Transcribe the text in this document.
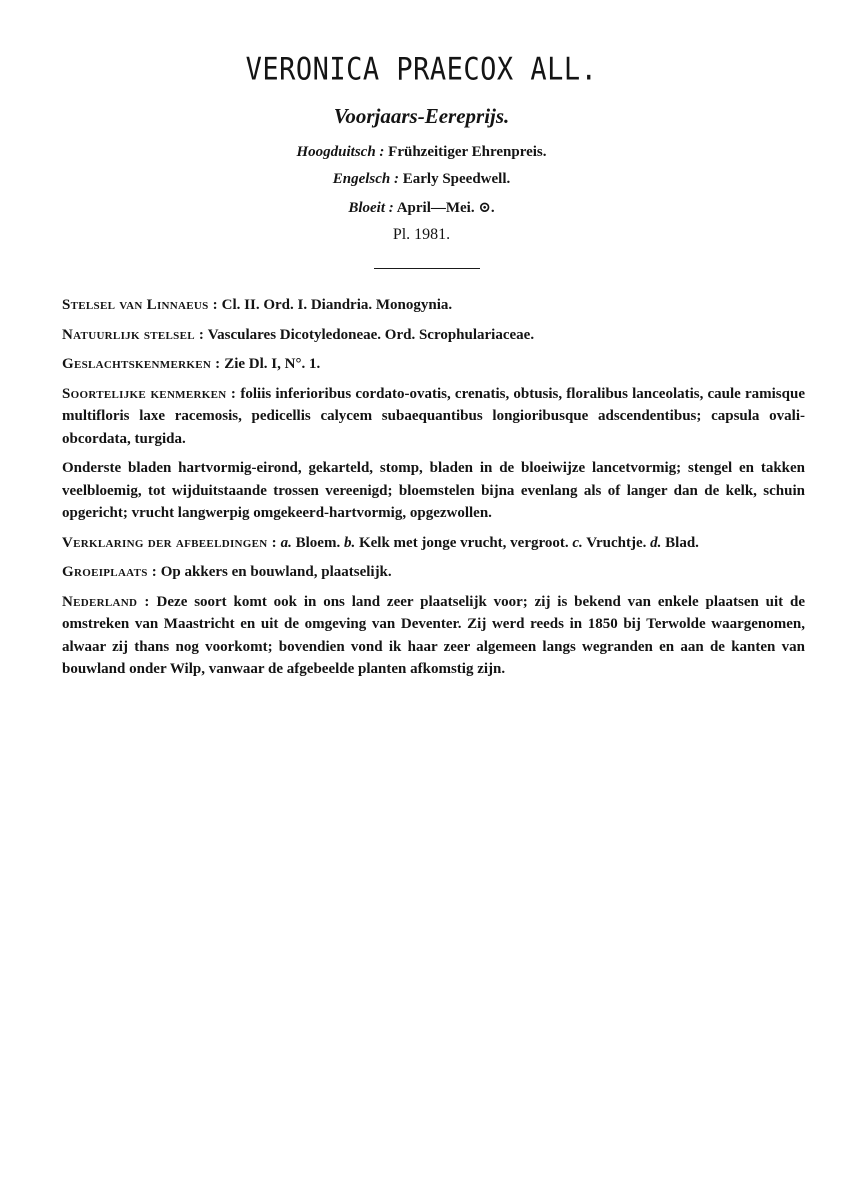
VERONICA PRAECOX ALL.
Voorjaars-Eereprijs.
Hoogduitsch : Frühzeitiger Ehrenpreis.
Engelsch : Early Speedwell.
Bloeit : April—Mei. ⊙.
Pl. 1981.

Stelsel van Linnaeus : Cl. II. Ord. I. Diandria. Monogynia.

Natuurlijk stelsel : Vasculares Dicotyledoneae. Ord. Scrophulariaceae.

Geslachtskenmerken : Zie Dl. I, N°. 1.

Soortelijke kenmerken : foliis inferioribus cordato-ovatis, crenatis, obtusis, floralibus lanceolatis, caule ramisque multifloris laxe racemosis, pedicellis calycem subaequantibus longioribusque adscendentibus; capsula ovali-obcordata, turgida.

Onderste bladen hartvormig-eirond, gekarteld, stomp, bladen in de bloeiwijze lancetvormig; stengel en takken veelbloemig, tot wijduitstaande trossen vereenigd; bloemstelen bijna evenlang als of langer dan de kelk, schuin opgericht; vrucht langwerpig omgekeerd-hartvormig, opgezwollen.

Verklaring der afbeeldingen : a. Bloem. b. Kelk met jonge vrucht, vergroot. c. Vruchtje. d. Blad.

Groeiplaats : Op akkers en bouwland, plaatselijk.

Nederland : Deze soort komt ook in ons land zeer plaatselijk voor; zij is bekend van enkele plaatsen uit de omstreken van Maastricht en uit de omgeving van Deventer. Zij werd reeds in 1850 bij Terwolde waargenomen, alwaar zij thans nog voorkomt; bovendien vond ik haar zeer algemeen langs wegranden en aan de kanten van bouwland onder Wilp, vanwaar de afgebeelde planten afkomstig zijn.
